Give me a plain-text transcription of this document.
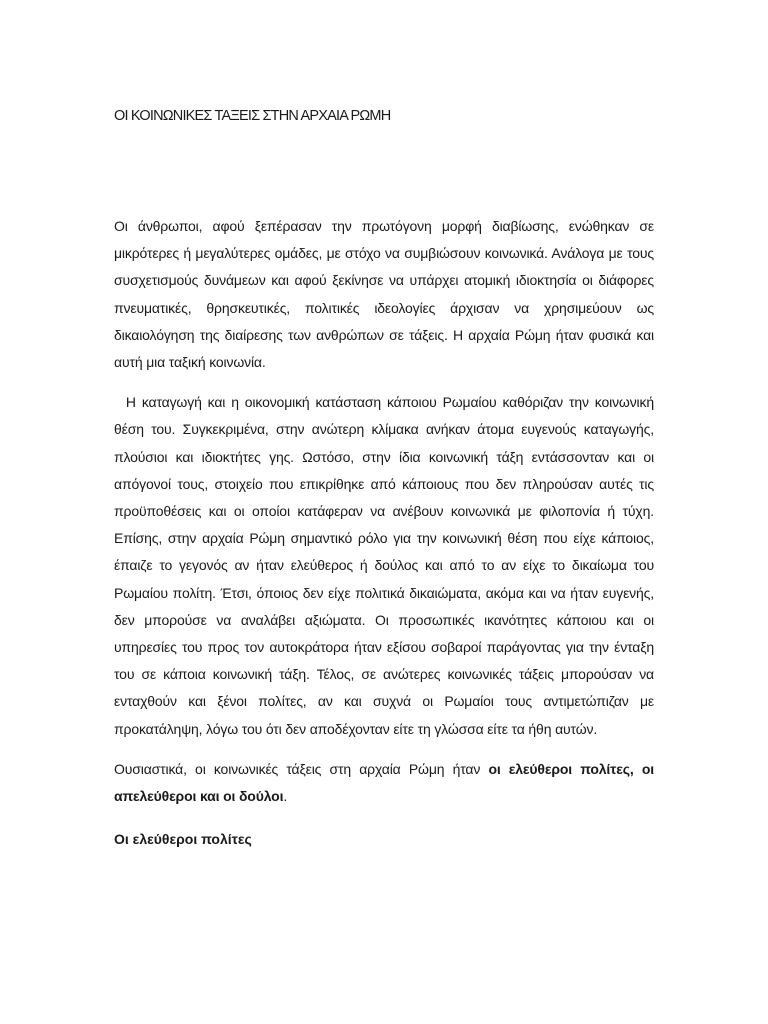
ΟΙ ΚΟΙΝΩΝΙΚΕΣ ΤΑΞΕΙΣ ΣΤΗΝ ΑΡΧΑΙΑ ΡΩΜΗ

Οι άνθρωποι, αφού ξεπέρασαν την πρωτόγονη μορφή διαβίωσης, ενώθηκαν σε μικρότερες ή μεγαλύτερες ομάδες, με στόχο να συμβιώσουν κοινωνικά. Ανάλογα με τους συσχετισμούς δυνάμεων και αφού ξεκίνησε να υπάρχει ατομική ιδιοκτησία οι διάφορες πνευματικές, θρησκευτικές, πολιτικές ιδεολογίες άρχισαν να χρησιμεύουν ως δικαιολόγηση της διαίρεσης των ανθρώπων σε τάξεις. Η αρχαία Ρώμη ήταν φυσικά και αυτή μια ταξική κοινωνία.

Η καταγωγή και η οικονομική κατάσταση κάποιου Ρωμαίου καθόριζαν την κοινωνική θέση του. Συγκεκριμένα, στην ανώτερη κλίμακα ανήκαν άτομα ευγενούς καταγωγής, πλούσιοι και ιδιοκτήτες γης. Ωστόσο, στην ίδια κοινωνική τάξη εντάσσονταν και οι απόγονοί τους, στοιχείο που επικρίθηκε από κάποιους που δεν πληρούσαν αυτές τις προϋποθέσεις και οι οποίοι κατάφεραν να ανέβουν κοινωνικά με φιλοπονία ή τύχη. Επίσης, στην αρχαία Ρώμη σημαντικό ρόλο για την κοινωνική θέση που είχε κάποιος, έπαιζε το γεγονός αν ήταν ελεύθερος ή δούλος και από το αν είχε το δικαίωμα του Ρωμαίου πολίτη. Έτσι, όποιος δεν είχε πολιτικά δικαιώματα, ακόμα και να ήταν ευγενής, δεν μπορούσε να αναλάβει αξιώματα. Οι προσωπικές ικανότητες κάποιου και οι υπηρεσίες του προς τον αυτοκράτορα ήταν εξίσου σοβαροί παράγοντας για την ένταξη του σε κάποια κοινωνική τάξη. Τέλος, σε ανώτερες κοινωνικές τάξεις μπορούσαν να ενταχθούν και ξένοι πολίτες, αν και συχνά οι Ρωμαίοι τους αντιμετώπιζαν με προκατάληψη, λόγω του ότι δεν αποδέχονταν είτε τη γλώσσα είτε τα ήθη αυτών.

Ουσιαστικά, οι κοινωνικές τάξεις στη αρχαία Ρώμη ήταν οι ελεύθεροι πολίτες, οι απελεύθεροι και οι δούλοι.

Οι ελεύθεροι πολίτες
